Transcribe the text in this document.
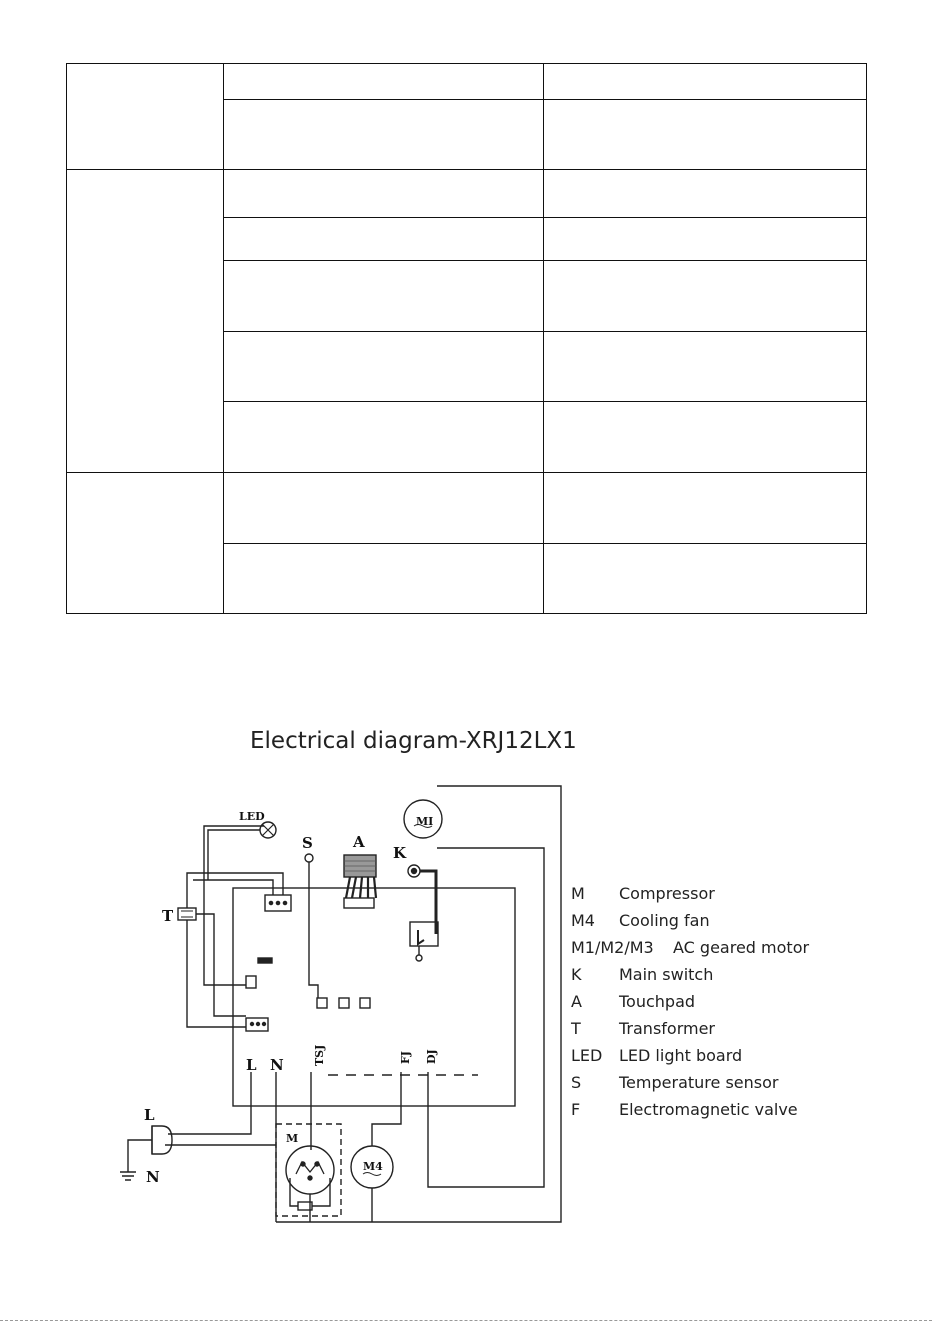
Electrical diagram-XRJ12LX1
LED
S	A
K
T
MI
M
M4
L N	TSJ	FJ DJ
L
N
M Compressor
M4 Cooling fan
M1/M2/M3 AC geared motor
K Main switch
A Touchpad
T Transformer
LED LED light board
S Temperature sensor
F Electromagnetic valve
